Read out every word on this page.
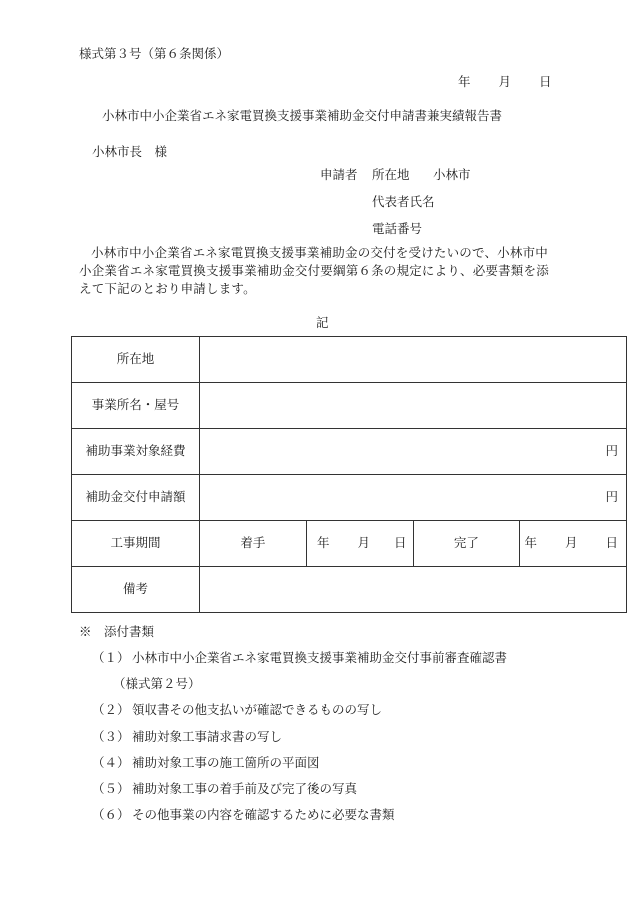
様式第３号（第６条関係）
年 月 日
小林市中小企業省エネ家電買換支援事業補助金交付申請書兼実績報告書
小林市長　様
申請者 所在地 小林市
代表者氏名
電話番号
小林市中小企業省エネ家電買換支援事業補助金の交付を受けたいので、小林市中小企業省エネ家電買換支援事業補助金交付要綱第６条の規定により、必要書類を添えて下記のとおり申請します。
記
所在地				
事業所名・屋号				
補助事業対象経費	円			
補助金交付申請額	円			
工事期間	着手	年 月 日	完了	年 月 日

備考				
※　添付書類
（１） 小林市中小企業省エネ家電買換支援事業補助金交付事前審査確認書
（様式第２号）
（２） 領収書その他支払いが確認できるものの写し
（３） 補助対象工事請求書の写し
（４） 補助対象工事の施工箇所の平面図
（５） 補助対象工事の着手前及び完了後の写真
（６） その他事業の内容を確認するために必要な書類
